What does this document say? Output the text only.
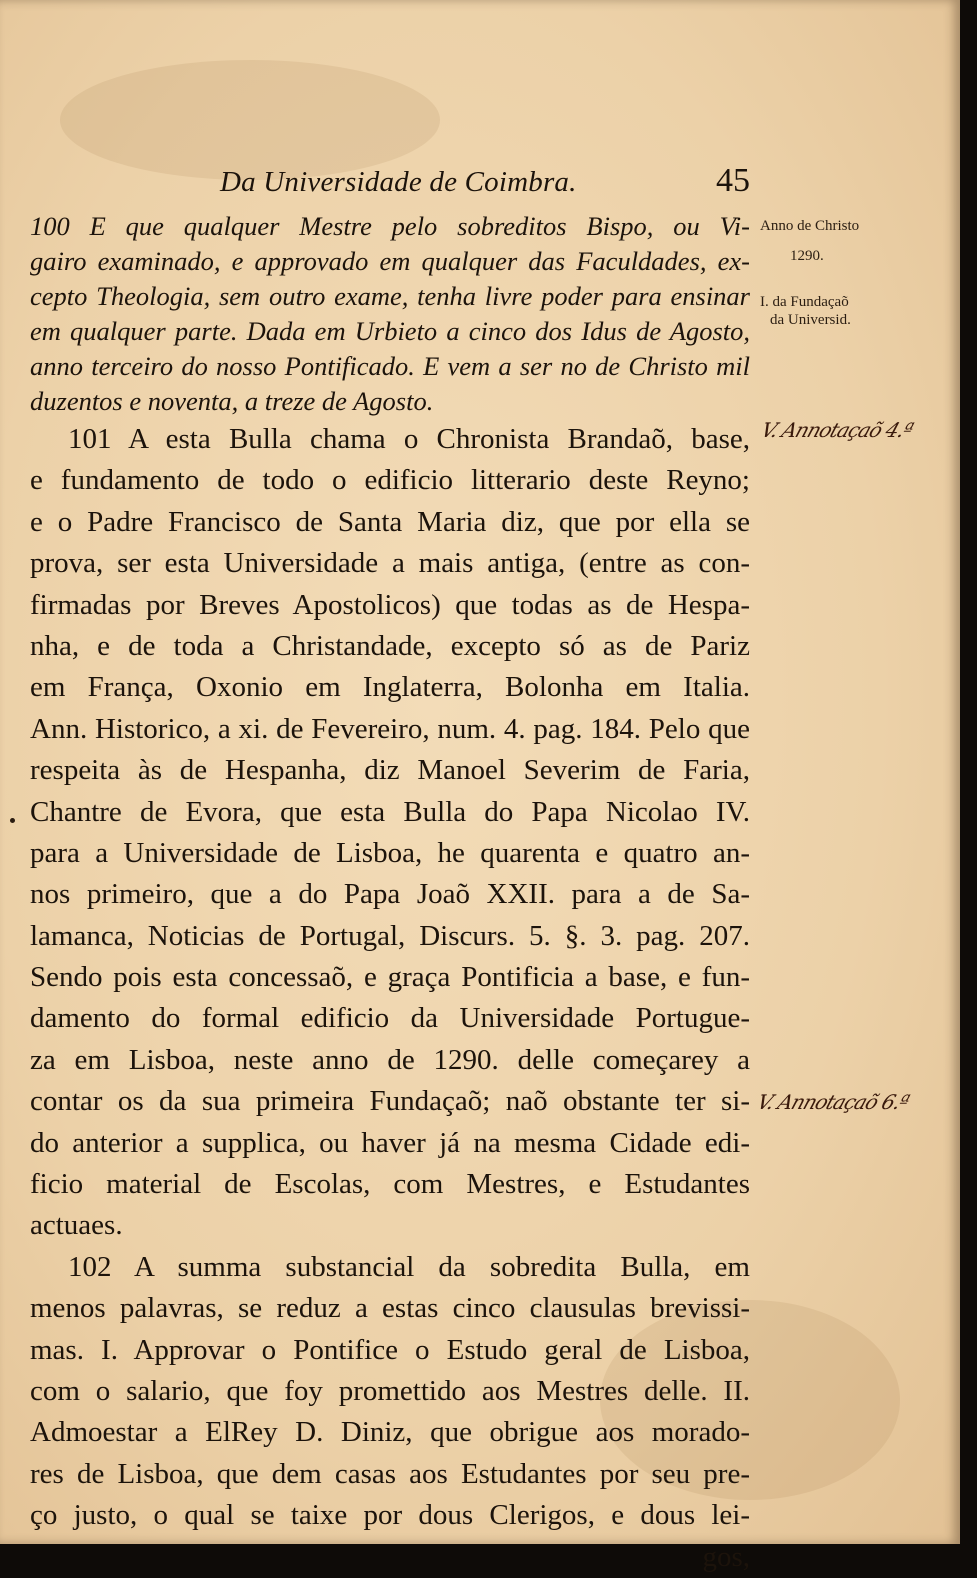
Da Universidade de Coimbra.	45
100 E que qualquer Mestre pelo sobreditos Bispo, ou Vi-
gairo examinado, e approvado em qualquer das Faculdades, ex-
cepto Theologia, sem outro exame, tenha livre poder para ensinar
em qualquer parte. Dada em Urbieto a cinco dos Idus de Agosto,
anno terceiro do nosso Pontificado. E vem a ser no de Christo mil
duzentos e noventa, a treze de Agosto.
101 A esta Bulla chama o Chronista Brandaõ, base,
e fundamento de todo o edificio litterario deste Reyno;
e o Padre Francisco de Santa Maria diz, que por ella se
prova, ser esta Universidade a mais antiga, (entre as con-
firmadas por Breves Apostolicos) que todas as de Hespa-
nha, e de toda a Christandade, excepto só as de Pariz
em França, Oxonio em Inglaterra, Bolonha em Italia.
Ann. Historico, a xi. de Fevereiro, num. 4. pag. 184. Pelo que
respeita às de Hespanha, diz Manoel Severim de Faria,
Chantre de Evora, que esta Bulla do Papa Nicolao IV.
para a Universidade de Lisboa, he quarenta e quatro an-
nos primeiro, que a do Papa Joaõ XXII. para a de Sa-
lamanca, Noticias de Portugal, Discurs. 5. §. 3. pag. 207.
Sendo pois esta concessaõ, e graça Pontificia a base, e fun-
damento do formal edificio da Universidade Portugue-
za em Lisboa, neste anno de 1290. delle começarey a
contar os da sua primeira Fundaçaõ; naõ obstante ter si-
do anterior a supplica, ou haver já na mesma Cidade edi-
ficio material de Escolas, com Mestres, e Estudantes
actuaes.
102 A summa substancial da sobredita Bulla, em
menos palavras, se reduz a estas cinco clausulas brevissi-
mas. I. Approvar o Pontifice o Estudo geral de Lisboa,
com o salario, que foy promettido aos Mestres delle. II.
Admoestar a ElRey D. Diniz, que obrigue aos morado-
res de Lisboa, que dem casas aos Estudantes por seu pre-
ço justo, o qual se taixe por dous Clerigos, e dous lei-
gos,
Anno de Christo
1290.
I. da Fundaçaõ
da Universid.
V. Annotaçaõ 4.ª
V. Annotaçaõ 6.ª
